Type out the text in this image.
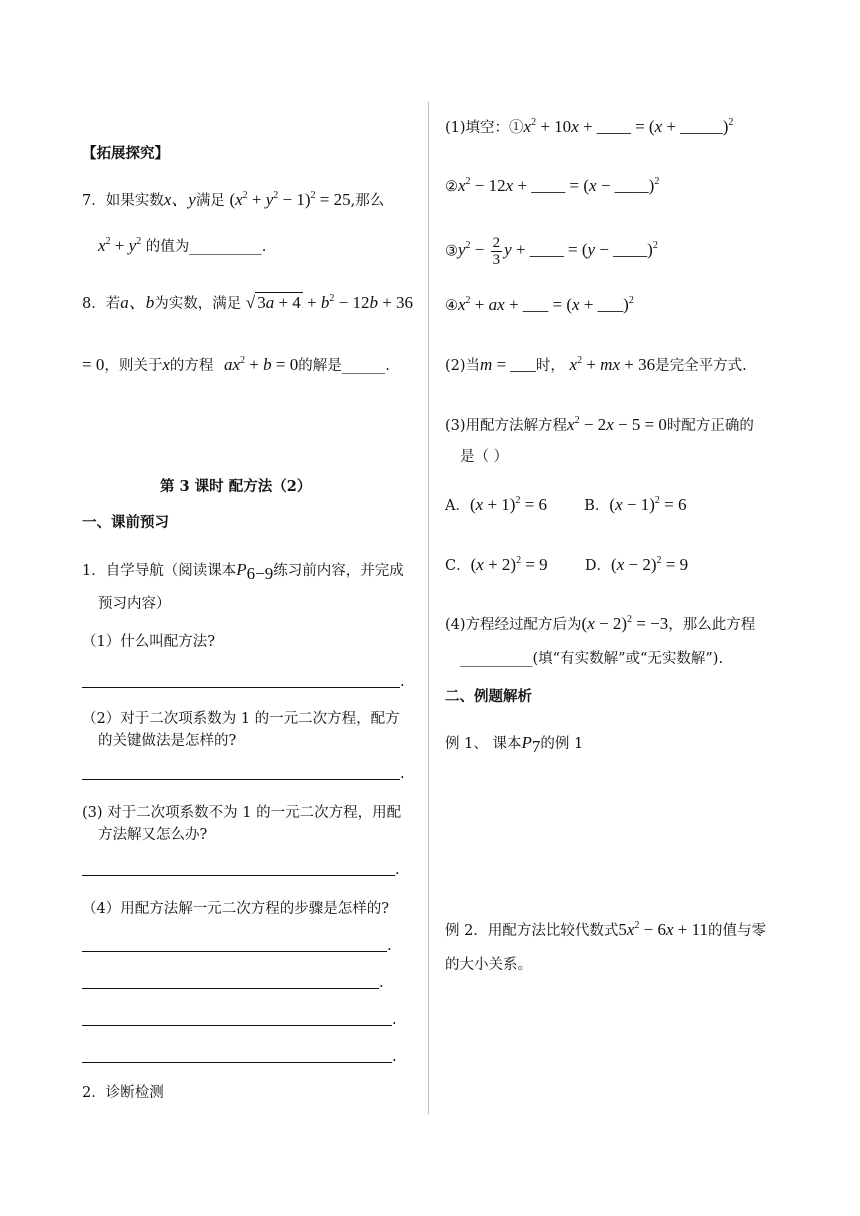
【拓展探究】
7．如果实数x、y满足 $(x^2 + y^2 - 1)^2 = 25$,那么
$x^2 + y^2$ 的值为__________.
8．若a、b为实数，满足 √ $3a + 4 + b^2 - 12b + 36$
= 0，则关于x的方程 $ax^2 + b = 0$的解是______.
第 3 课时 配方法（2）
一、课前预习
1．自学导航（阅读课本$P_{6-9}$练习前内容，并完成
预习内容）
（1）什么叫配方法?
.
（2）对于二次项系数为 1 的一元二次方程，配方
的关键做法是怎样的?
.
(3) 对于二次项系数不为 1 的一元二次方程，用配
方法解又怎么办?
.
（4）用配方法解一元二次方程的步骤是怎样的?
.
.
.
.
2．诊断检测
(1)填空：$①x^2 + 10x$ + ____ = (x + _____)$^2$
$②x^2 - 12x$ + ____ = (x − ____)$^2$
$③y^2 - \frac{2}{3}$ y + ____ = (y − ____)$^2$
$④x^2$ + ax + ___ = (x + ___)$^2$
(2)当m = ___时， $x^2$ + mx + 36是完全平方式.
(3)用配方法解方程$x^2 - 2x - 5 = 0$时配方正确的
是（ ）
A．$(x + 1)^2 = 6$	B．$(x - 1)^2 = 6$
C．$(x + 2)^2 = 9$	D．$(x - 2)^2 = 9$
(4)方程经过配方后为$(x - 2)^2 = -3$，那么此方程
__________(填“有实数解”或“无实数解”).
二、例题解析
例 1、 课本$P_7$的例 1
例 2．用配方法比较代数式$5x^2 - 6x + 11$的值与零
的大小关系。
